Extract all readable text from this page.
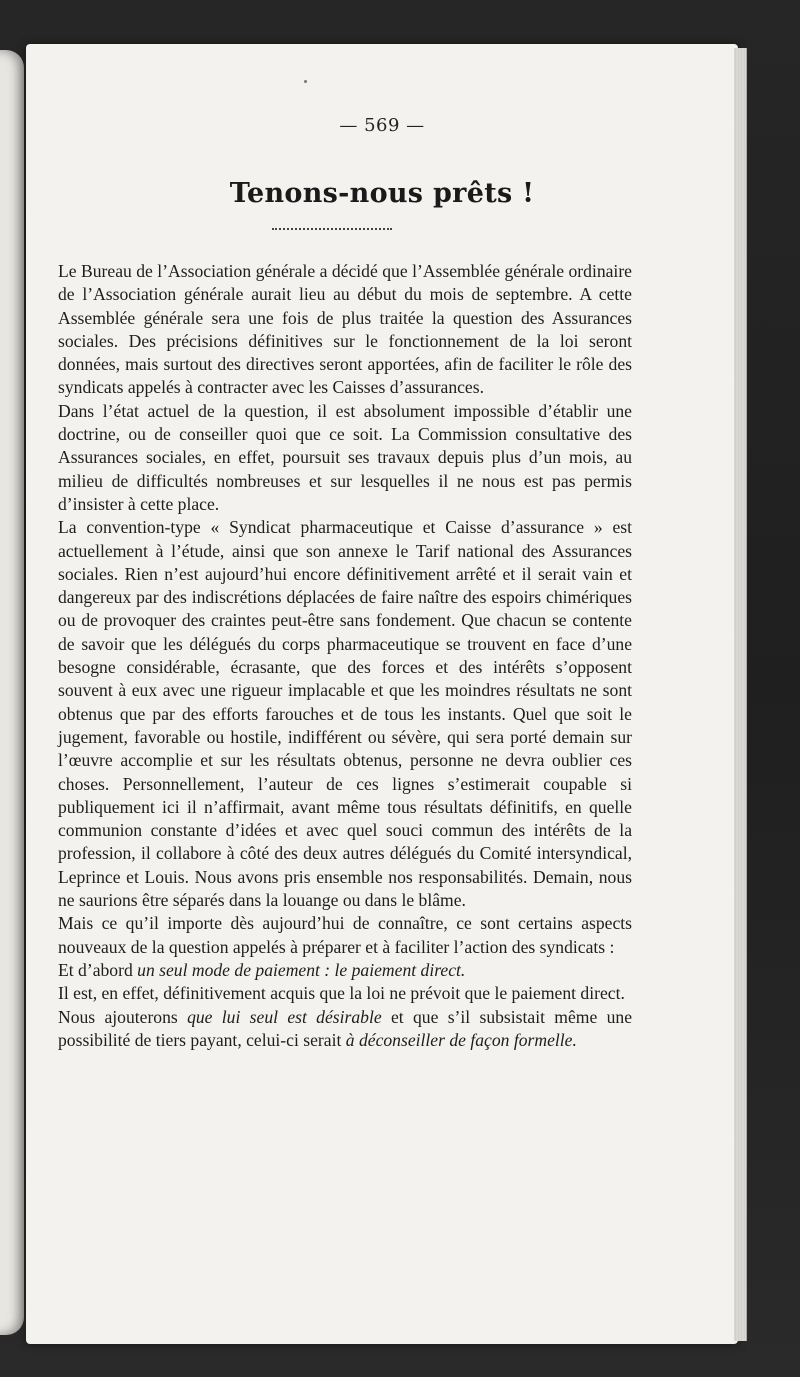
— 569 —
Tenons-nous prêts !

Le Bureau de l’Association générale a décidé que l’Assemblée générale ordinaire de l’Association générale aurait lieu au début du mois de septembre. A cette Assemblée générale sera une fois de plus traitée la question des Assurances sociales. Des précisions définitives sur le fonctionnement de la loi seront données, mais surtout des directives seront apportées, afin de faciliter le rôle des syndicats appelés à contracter avec les Caisses d’assurances.

Dans l’état actuel de la question, il est absolument impossible d’établir une doctrine, ou de conseiller quoi que ce soit. La Commission consultative des Assurances sociales, en effet, poursuit ses travaux depuis plus d’un mois, au milieu de difficultés nombreuses et sur lesquelles il ne nous est pas permis d’insister à cette place.

La convention-type « Syndicat pharmaceutique et Caisse d’assurance » est actuellement à l’étude, ainsi que son annexe le Tarif national des Assurances sociales. Rien n’est aujourd’hui encore définitivement arrêté et il serait vain et dangereux par des indiscrétions déplacées de faire naître des espoirs chimériques ou de provoquer des craintes peut-être sans fondement. Que chacun se contente de savoir que les délégués du corps pharmaceutique se trouvent en face d’une besogne considérable, écrasante, que des forces et des intérêts s’opposent souvent à eux avec une rigueur implacable et que les moindres résultats ne sont obtenus que par des efforts farouches et de tous les instants. Quel que soit le jugement, favorable ou hostile, indifférent ou sévère, qui sera porté demain sur l’œuvre accomplie et sur les résultats obtenus, personne ne devra oublier ces choses. Personnellement, l’auteur de ces lignes s’estimerait coupable si publiquement ici il n’affirmait, avant même tous résultats définitifs, en quelle communion constante d’idées et avec quel souci commun des intérêts de la profession, il collabore à côté des deux autres délégués du Comité intersyndical, Leprince et Louis. Nous avons pris ensemble nos responsabilités. Demain, nous ne saurions être séparés dans la louange ou dans le blâme.

Mais ce qu’il importe dès aujourd’hui de connaître, ce sont certains aspects nouveaux de la question appelés à préparer et à faciliter l’action des syndicats :

Et d’abord un seul mode de paiement : le paiement direct.

Il est, en effet, définitivement acquis que la loi ne prévoit que le paiement direct.

Nous ajouterons que lui seul est désirable et que s’il subsistait même une possibilité de tiers payant, celui-ci serait à déconseiller de façon formelle.
